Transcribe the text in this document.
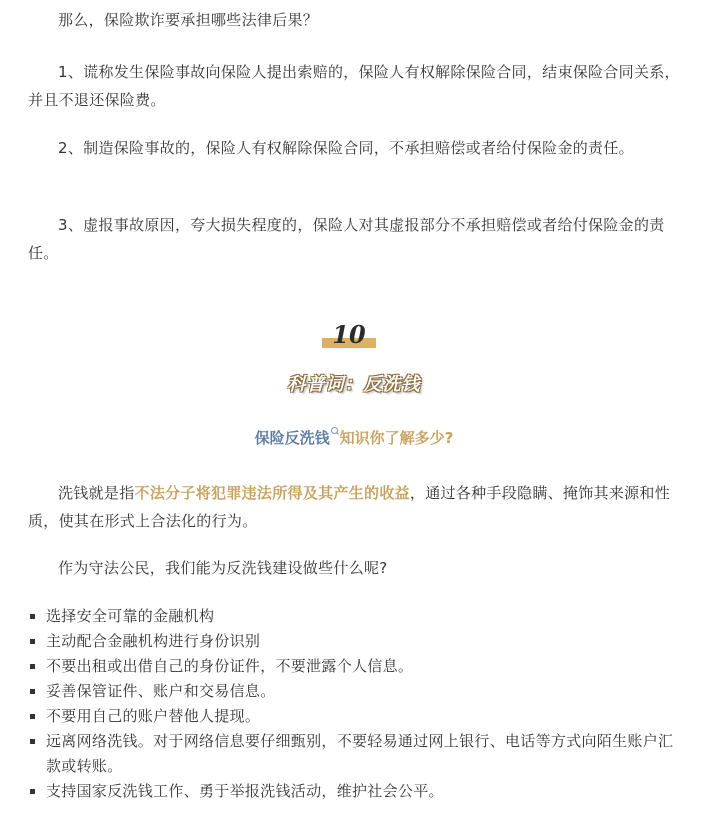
那么，保险欺诈要承担哪些法律后果？

1、谎称发生保险事故向保险人提出索赔的，保险人有权解除保险合同，结束保险合同关系，并且不退还保险费。

2、制造保险事故的，保险人有权解除保险合同，不承担赔偿或者给付保险金的责任。

3、虚报事故原因，夸大损失程度的，保险人对其虚报部分不承担赔偿或者给付保险金的责任。

10
科普词：反洗钱
保险反洗钱 知识你了解多少?

洗钱就是指不法分子将犯罪违法所得及其产生的收益，通过各种手段隐瞒、掩饰其来源和性质，使其在形式上合法化的行为。

作为守法公民，我们能为反洗钱建设做些什么呢?

选择安全可靠的金融机构
主动配合金融机构进行身份识别
不要出租或出借自己的身份证件，不要泄露个人信息。
妥善保管证件、账户和交易信息。
不要用自己的账户替他人提现。
远离网络洗钱。对于网络信息要仔细甄别，不要轻易通过网上银行、电话等方式向陌生账户汇款或转账。
支持国家反洗钱工作、勇于举报洗钱活动，维护社会公平。
